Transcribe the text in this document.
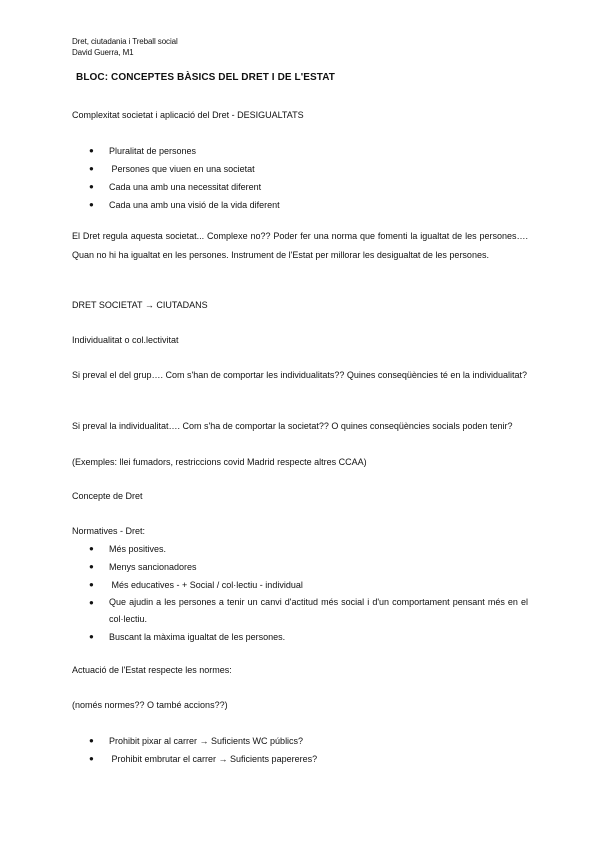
Dret, ciutadania i Treball social
David Guerra, M1
BLOC: CONCEPTES BÀSICS DEL DRET I DE L'ESTAT
Complexitat societat i aplicació del Dret - DESIGUALTATS
● Pluralitat de persones
● Persones que viuen en una societat
● Cada una amb una necessitat diferent
● Cada una amb una visió de la vida diferent
El Dret regula aquesta societat... Complexe no?? Poder fer una norma que fomenti la igualtat de les persones…. Quan no hi ha igualtat en les persones. Instrument de l'Estat per millorar les desigualtat de les persones.
DRET SOCIETAT → CIUTADANS
Individualitat o col.lectivitat
Si preval el del grup…. Com s'han de comportar les individualitats?? Quines conseqüències té en la individualitat?
Si preval la individualitat…. Com s'ha de comportar la societat?? O quines conseqüències socials poden tenir?
(Exemples: llei fumadors, restriccions covid Madrid respecte altres CCAA)
Concepte de Dret
Normatives - Dret:
● Més positives.
● Menys sancionadores
● Més educatives - + Social / col·lectiu - individual
● Que ajudin a les persones a tenir un canvi d'actitud més social i d'un comportament pensant més en el col·lectiu.
● Buscant la màxima igualtat de les persones.
Actuació de l'Estat respecte les normes:
(només normes?? O també accions??)
● Prohibit pixar al carrer → Suficients WC públics?
● Prohibit embrutar el carrer → Suficients papereres?
